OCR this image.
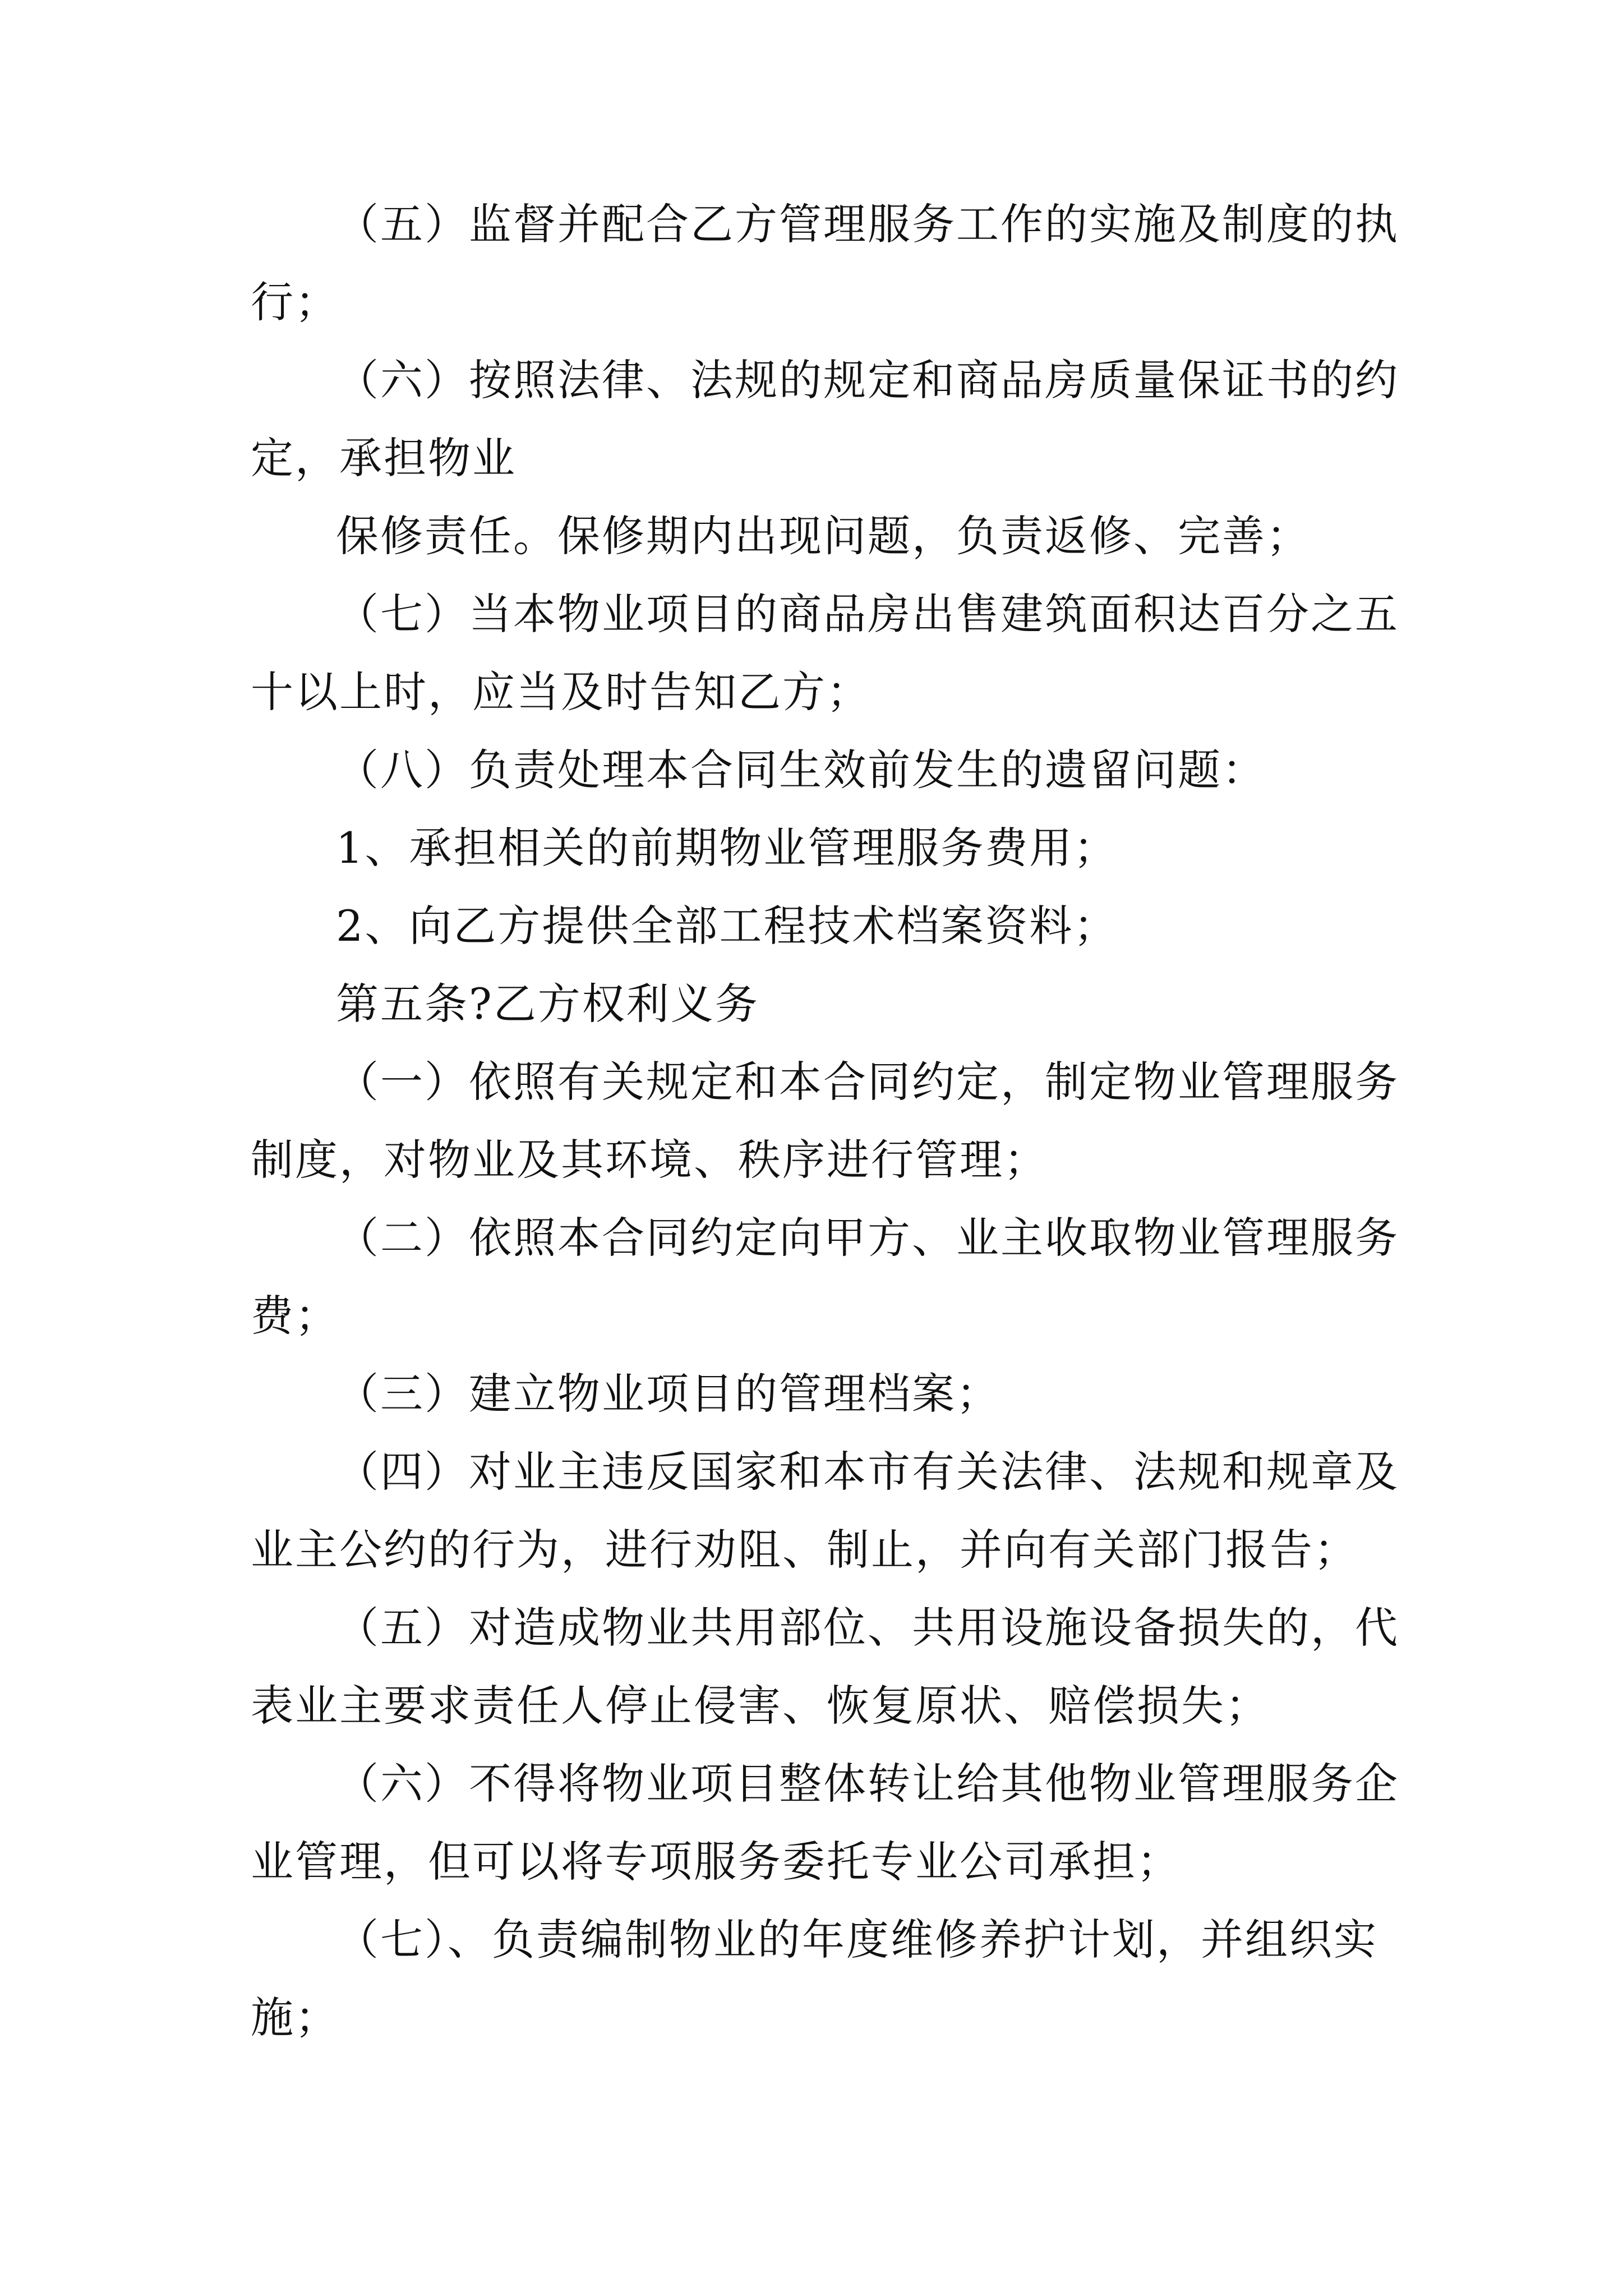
（五）监督并配合乙方管理服务工作的实施及制度的执

行；

（六）按照法律、法规的规定和商品房质量保证书的约

定，承担物业

保修责任。保修期内出现问题，负责返修、完善；

（七）当本物业项目的商品房出售建筑面积达百分之五

十以上时，应当及时告知乙方；

（八）负责处理本合同生效前发生的遗留问题：

1、承担相关的前期物业管理服务费用；

2、向乙方提供全部工程技术档案资料；

第五条?乙方权利义务

（一）依照有关规定和本合同约定，制定物业管理服务

制度，对物业及其环境、秩序进行管理；

（二）依照本合同约定向甲方、业主收取物业管理服务

费；

（三）建立物业项目的管理档案；

（四）对业主违反国家和本市有关法律、法规和规章及

业主公约的行为，进行劝阻、制止，并向有关部门报告；

（五）对造成物业共用部位、共用设施设备损失的，代

表业主要求责任人停止侵害、恢复原状、赔偿损失；

（六）不得将物业项目整体转让给其他物业管理服务企

业管理，但可以将专项服务委托专业公司承担；

（七）、负责编制物业的年度维修养护计划，并组织实

施；
